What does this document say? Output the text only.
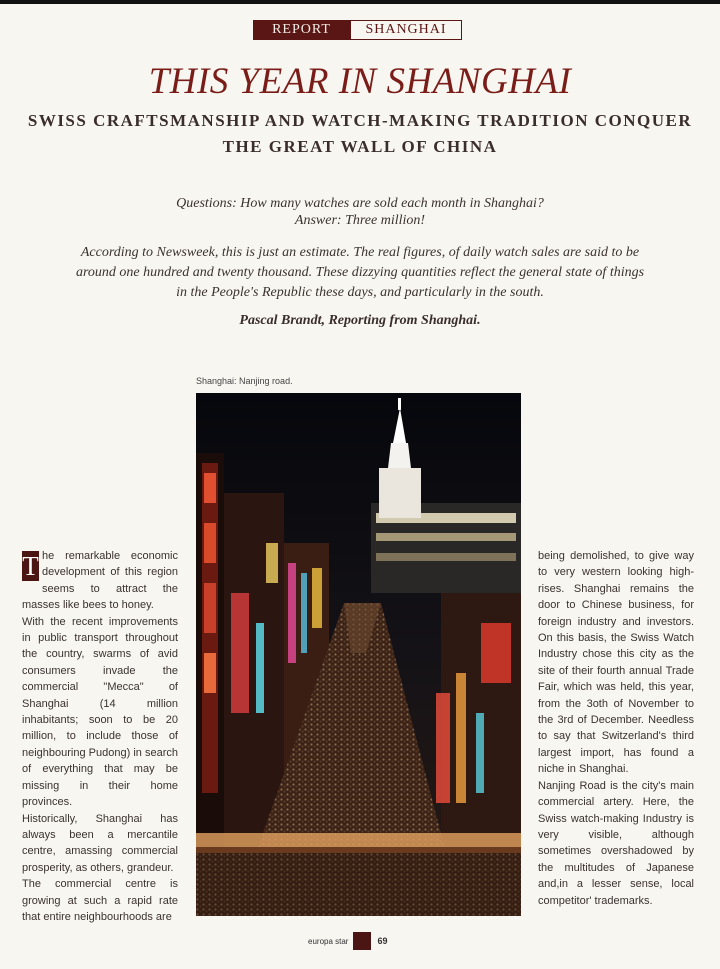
REPORT	SHANGHAI
THIS YEAR IN SHANGHAI
SWISS CRAFTSMANSHIP AND WATCH-MAKING TRADITION CONQUER THE GREAT WALL OF CHINA
Questions: How many watches are sold each month in Shanghai?
Answer: Three million!
According to Newsweek, this is just an estimate. The real figures, of daily watch sales are said to be around one hundred and twenty thousand. These dizzying quantities reflect the general state of things in the People's Republic these days, and particularly in the south.
Pascal Brandt, Reporting from Shanghai.
Shanghai: Nanjing road.

T he remarkable economic development of this region seems to attract the masses like bees to honey.

With the recent improvements in public transport throughout the country, swarms of avid consumers invade the commercial "Mecca" of Shanghai (14 million inhabitants; soon to be 20 million, to include those of neighbouring Pudong) in search of everything that may be missing in their home provinces.

Historically, Shanghai has always been a mercantile centre, amassing commercial prosperity, as others, grandeur.

The commercial centre is growing at such a rapid rate that entire neighbourhoods are

being demolished, to give way to very western looking high-rises. Shanghai remains the door to Chinese business, for foreign industry and investors. On this basis, the Swiss Watch Industry chose this city as the site of their fourth annual Trade Fair, which was held, this year, from the 3oth of November to the 3rd of December. Needless to say that Switzerland's third largest import, has found a niche in Shanghai.

Nanjing Road is the city's main commercial artery. Here, the Swiss watch-making Industry is very visible, although sometimes overshadowed by the multitudes of Japanese and,in a lesser sense, local competitor' trademarks.

europa star	69
